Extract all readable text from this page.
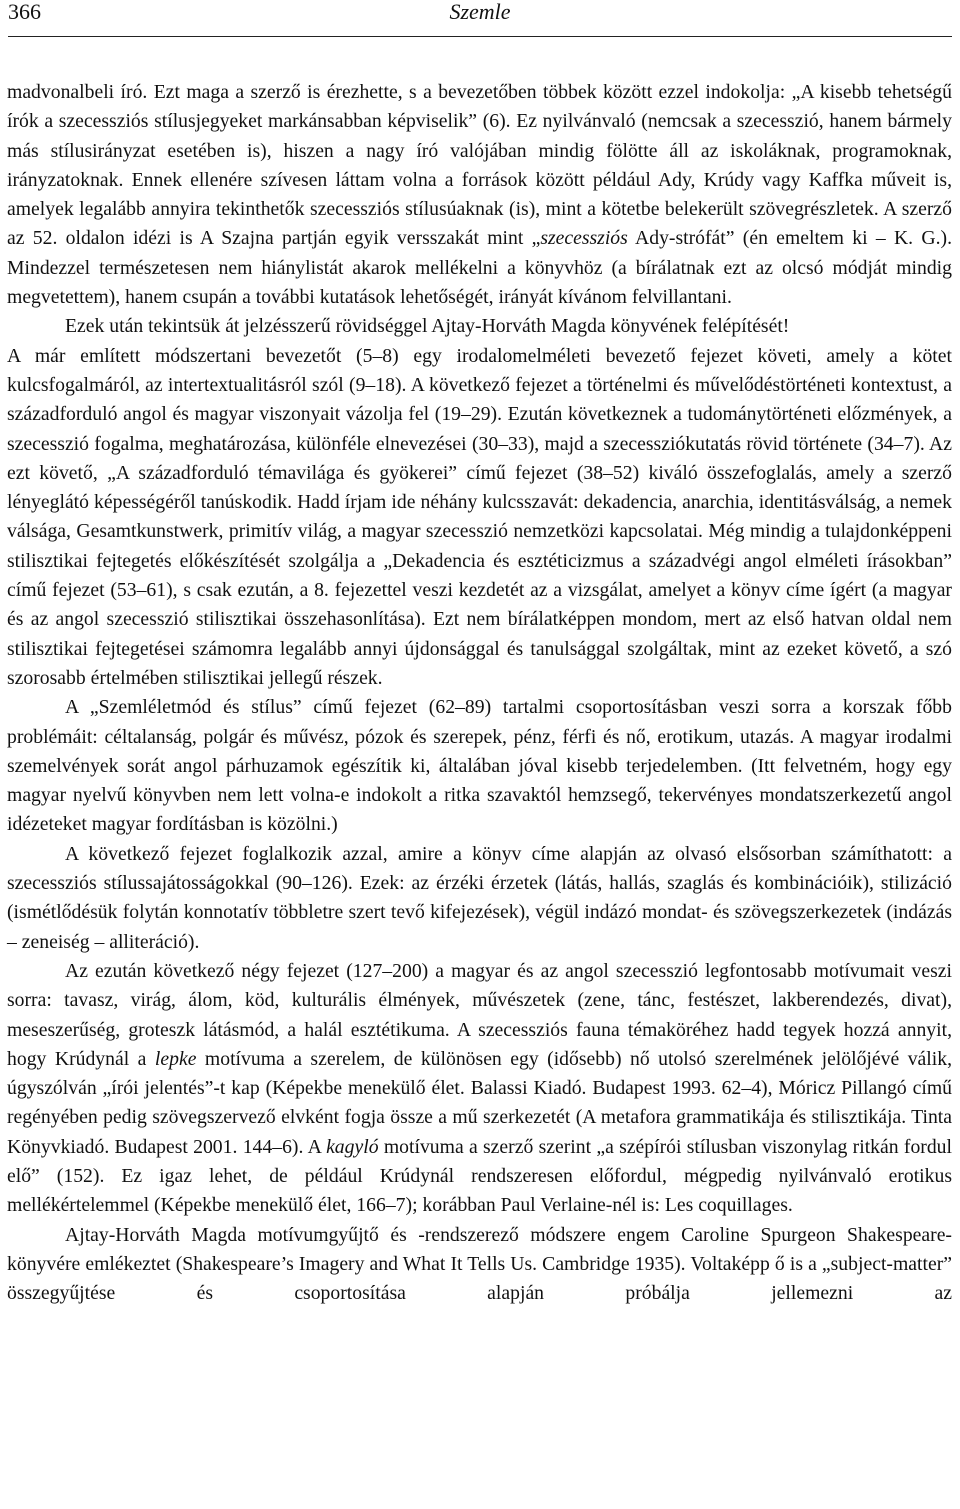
366	Szemle

madvonalbeli író. Ezt maga a szerző is érezhette, s a bevezetőben többek között ezzel indokolja: „A kisebb tehetségű írók a szecessziós stílusjegyeket markánsabban képviselik” (6). Ez nyilvánvaló (nemcsak a szecesszió, hanem bármely más stílusirányzat esetében is), hiszen a nagy író valójában mindig fölötte áll az iskoláknak, programoknak, irányzatoknak. Ennek ellenére szívesen láttam volna a források között például Ady, Krúdy vagy Kaffka műveit is, amelyek legalább annyira tekinthetők szecessziós stílusúaknak (is), mint a kötetbe belekerült szövegrészletek. A szerző az 52. oldalon idézi is A Szajna partján egyik versszakát mint „szecessziós Ady-strófát” (én emeltem ki – K. G.). Mindezzel természetesen nem hiánylistát akarok mellékelni a könyvhöz (a bírálatnak ezt az olcsó módját mindig megvetettem), hanem csupán a további kutatások lehetőségét, irányát kívánom felvillantani.

Ezek után tekintsük át jelzésszerű rövidséggel Ajtay-Horváth Magda könyvének felépítését!

A már említett módszertani bevezetőt (5–8) egy irodalomelméleti bevezető fejezet követi, amely a kötet kulcsfogalmáról, az intertextualitásról szól (9–18). A következő fejezet a történelmi és művelődéstörténeti kontextust, a századforduló angol és magyar viszonyait vázolja fel (19–29). Ezután következnek a tudománytörténeti előzmények, a szecesszió fogalma, meghatározása, különféle elnevezései (30–33), majd a szecessziókutatás rövid története (34–7). Az ezt követő, „A századforduló témavilága és gyökerei” című fejezet (38–52) kiváló összefoglalás, amely a szerző lényeglátó képességéről tanúskodik. Hadd írjam ide néhány kulcsszavát: dekadencia, anarchia, identitásválság, a nemek válsága, Gesamtkunstwerk, primitív világ, a magyar szecesszió nemzetközi kapcsolatai. Még mindig a tulajdonképpeni stilisztikai fejtegetés előkészítését szolgálja a „Dekadencia és esztéticizmus a századvégi angol elméleti írásokban” című fejezet (53–61), s csak ezután, a 8. fejezettel veszi kezdetét az a vizsgálat, amelyet a könyv címe ígért (a magyar és az angol szecesszió stilisztikai összehasonlítása). Ezt nem bírálatképpen mondom, mert az első hatvan oldal nem stilisztikai fejtegetései számomra legalább annyi újdonsággal és tanulsággal szolgáltak, mint az ezeket követő, a szó szorosabb értelmében stilisztikai jellegű részek.

A „Szemléletmód és stílus” című fejezet (62–89) tartalmi csoportosításban veszi sorra a korszak főbb problémáit: céltalanság, polgár és művész, pózok és szerepek, pénz, férfi és nő, erotikum, utazás. A magyar irodalmi szemelvények sorát angol párhuzamok egészítik ki, általában jóval kisebb terjedelemben. (Itt felvetném, hogy egy magyar nyelvű könyvben nem lett volna-e indokolt a ritka szavaktól hemzsegő, tekervényes mondatszerkezetű angol idézeteket magyar fordításban is közölni.)

A következő fejezet foglalkozik azzal, amire a könyv címe alapján az olvasó elsősorban számíthatott: a szecessziós stílussajátosságokkal (90–126). Ezek: az érzéki érzetek (látás, hallás, szaglás és kombinációik), stilizáció (ismétlődésük folytán konnotatív többletre szert tevő kifejezések), végül indázó mondat- és szövegszerkezetek (indázás – zeneiség – alliteráció).

Az ezután következő négy fejezet (127–200) a magyar és az angol szecesszió legfontosabb motívumait veszi sorra: tavasz, virág, álom, köd, kulturális élmények, művészetek (zene, tánc, festészet, lakberendezés, divat), meseszerűség, groteszk látásmód, a halál esztétikuma. A szecessziós fauna témaköréhez hadd tegyek hozzá annyit, hogy Krúdynál a lepke motívuma a szerelem, de különösen egy (idősebb) nő utolsó szerelmének jelölőjévé válik, úgyszólván „írói jelentés”-t kap (Képekbe menekülő élet. Balassi Kiadó. Budapest 1993. 62–4), Móricz Pillangó című regényében pedig szövegszervező elvként fogja össze a mű szerkezetét (A metafora grammatikája és stilisztikája. Tinta Könyvkiadó. Budapest 2001. 144–6). A kagyló motívuma a szerző szerint „a szépírói stílusban viszonylag ritkán fordul elő” (152). Ez igaz lehet, de például Krúdynál rendszeresen előfordul, mégpedig nyilvánvaló erotikus mellékértelemmel (Képekbe menekülő élet, 166–7); korábban Paul Verlaine-nél is: Les coquillages.

Ajtay-Horváth Magda motívumgyűjtő és -rendszerező módszere engem Caroline Spurgeon Shakespeare-könyvére emlékeztet (Shakespeare’s Imagery and What It Tells Us. Cambridge 1935). Voltaképp ő is a „subject-matter” összegyűjtése és csoportosítása alapján próbálja jellemezni az
